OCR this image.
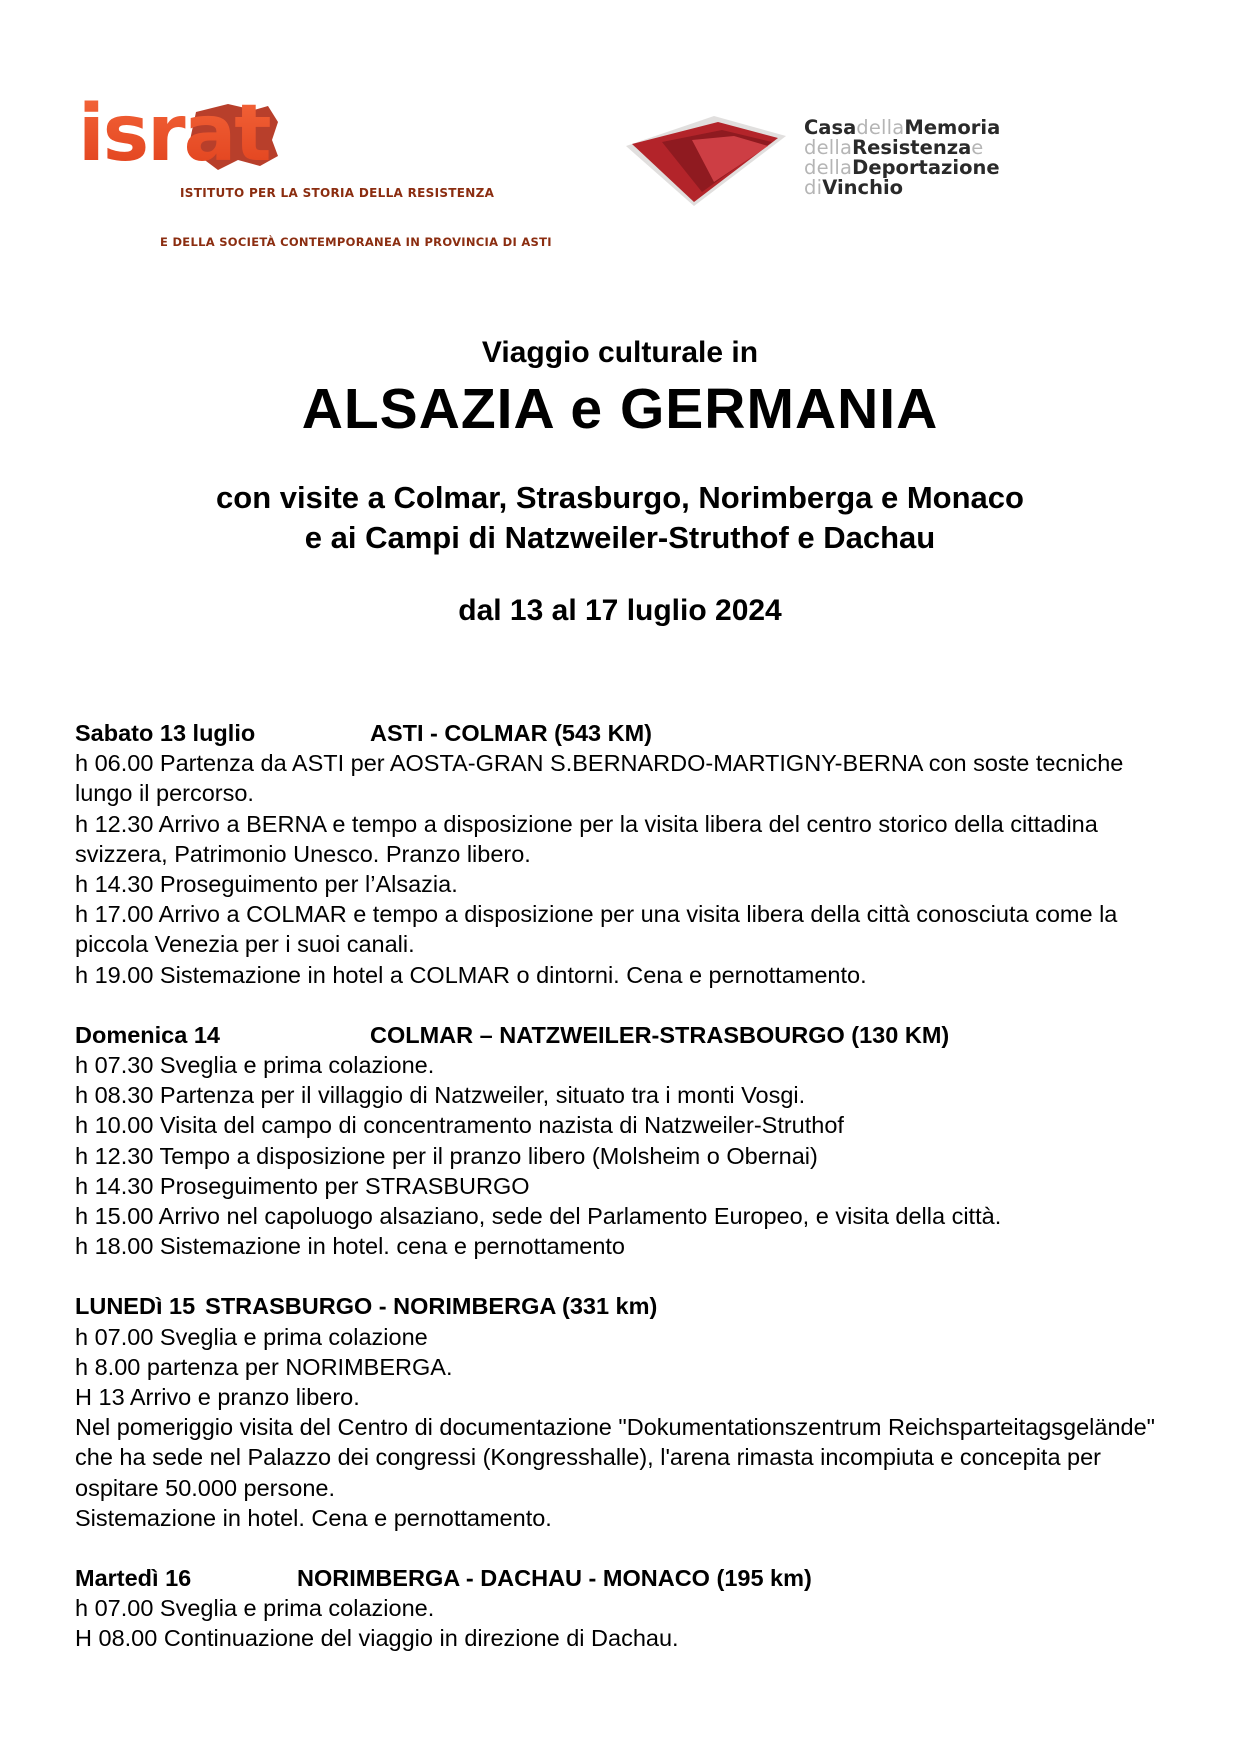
israt
ISTITUTO PER LA STORIA DELLA RESISTENZA
E DELLA SOCIETÀ CONTEMPORANEA IN PROVINCIA DI ASTI
CasadellaMemoria
dellaResistenzae
dellaDeportazione
diVinchio
Viaggio culturale in
ALSAZIA e GERMANIA
con visite a Colmar, Strasburgo, Norimberga e Monaco
e ai Campi di Natzweiler-Struthof e Dachau
dal 13 al 17 luglio 2024
Sabato 13 luglio	ASTI - COLMAR (543 KM)
h 06.00 Partenza da ASTI per AOSTA-GRAN S.BERNARDO-MARTIGNY-BERNA con soste tecniche lungo il percorso.
h 12.30 Arrivo a BERNA e tempo a disposizione per la visita libera del centro storico della cittadina svizzera, Patrimonio Unesco. Pranzo libero.
h 14.30 Proseguimento per l’Alsazia.
h 17.00 Arrivo a COLMAR e tempo a disposizione per una visita libera della città conosciuta come la piccola Venezia per i suoi canali.
h 19.00 Sistemazione in hotel a COLMAR o dintorni. Cena e pernottamento.
Domenica 14	COLMAR – NATZWEILER-STRASBOURGO (130 KM)
h 07.30 Sveglia e prima colazione.
h 08.30 Partenza per il villaggio di Natzweiler, situato tra i monti Vosgi.
h 10.00 Visita del campo di concentramento nazista di Natzweiler-Struthof
h 12.30 Tempo a disposizione per il pranzo libero (Molsheim o Obernai)
h 14.30 Proseguimento per STRASBURGO
h 15.00 Arrivo nel capoluogo alsaziano, sede del Parlamento Europeo, e visita della città.
h 18.00 Sistemazione in hotel. cena e pernottamento
LUNEDì 15 STRASBURGO - NORIMBERGA (331 km)
h 07.00 Sveglia e prima colazione
h 8.00 partenza per NORIMBERGA.
H 13 Arrivo e pranzo libero.
Nel pomeriggio visita del Centro di documentazione "Dokumentationszentrum Reichsparteitagsgelände" che ha sede nel Palazzo dei congressi (Kongresshalle), l'arena rimasta incompiuta e concepita per ospitare 50.000 persone.
Sistemazione in hotel. Cena e pernottamento.
Martedì 16	NORIMBERGA - DACHAU - MONACO (195 km)
h 07.00 Sveglia e prima colazione.
H 08.00 Continuazione del viaggio in direzione di Dachau.
